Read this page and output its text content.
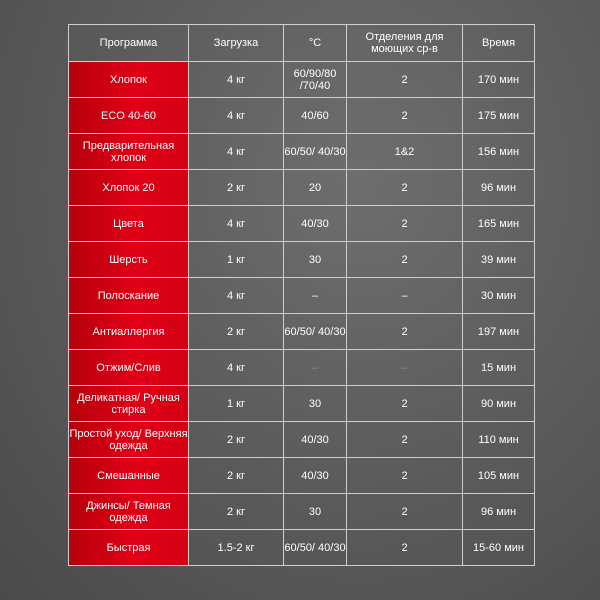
Программа	Загрузка	°C	Отделения для моющих ср-в	Время
Хлопок	4 кг	60/90/80 /70/40	2	170 мин
ECO 40-60	4 кг	40/60	2	175 мин
Предварительная хлопок	4 кг	60/50/ 40/30	1&2	156 мин
Хлопок 20	2 кг	20	2	96 мин
Цвета	4 кг	40/30	2	165 мин
Шерсть	1 кг	30	2	39 мин
Полоскание	4 кг	–	–	30 мин
Антиаллергия	2 кг	60/50/ 40/30	2	197 мин
Отжим/Слив	4 кг	–	–	15 мин
Деликатная/ Ручная стирка	1 кг	30	2	90 мин
Простой уход/ Верхняя одежда	2 кг	40/30	2	110 мин
Смешанные	2 кг	40/30	2	105 мин
Джинсы/ Темная одежда	2 кг	30	2	96 мин
Быстрая	1.5-2 кг	60/50/ 40/30	2	15-60 мин
